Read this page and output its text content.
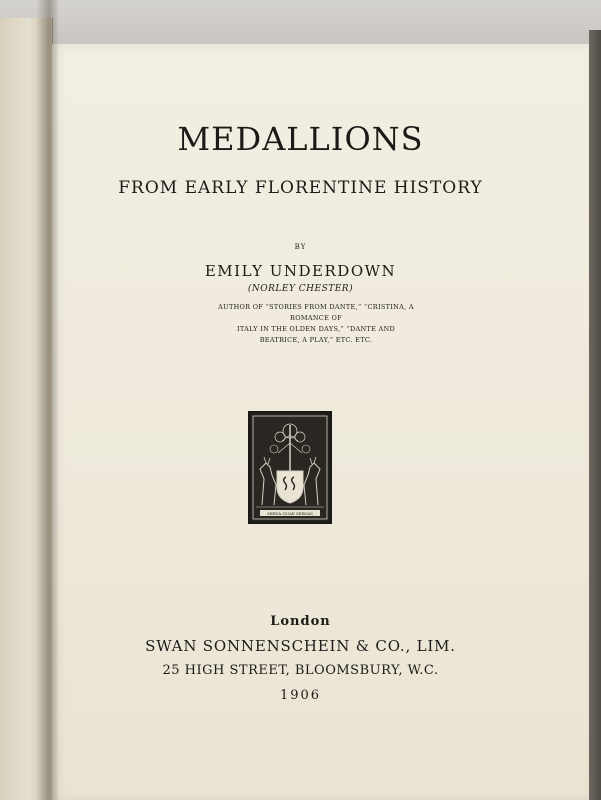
MEDALLIONS
FROM EARLY FLORENTINE HISTORY
BY
EMILY UNDERDOWN
(NORLEY CHESTER)
AUTHOR OF “STORIES FROM DANTE,” “CRISTINA, A ROMANCE OF
ITALY IN THE OLDEN DAYS,” “DANTE AND
BEATRICE, A PLAY,” ETC. ETC.
SERVA QUAE SERVAS
London
SWAN SONNENSCHEIN & CO., LIM.
25 HIGH STREET, BLOOMSBURY, W.C.
1906
